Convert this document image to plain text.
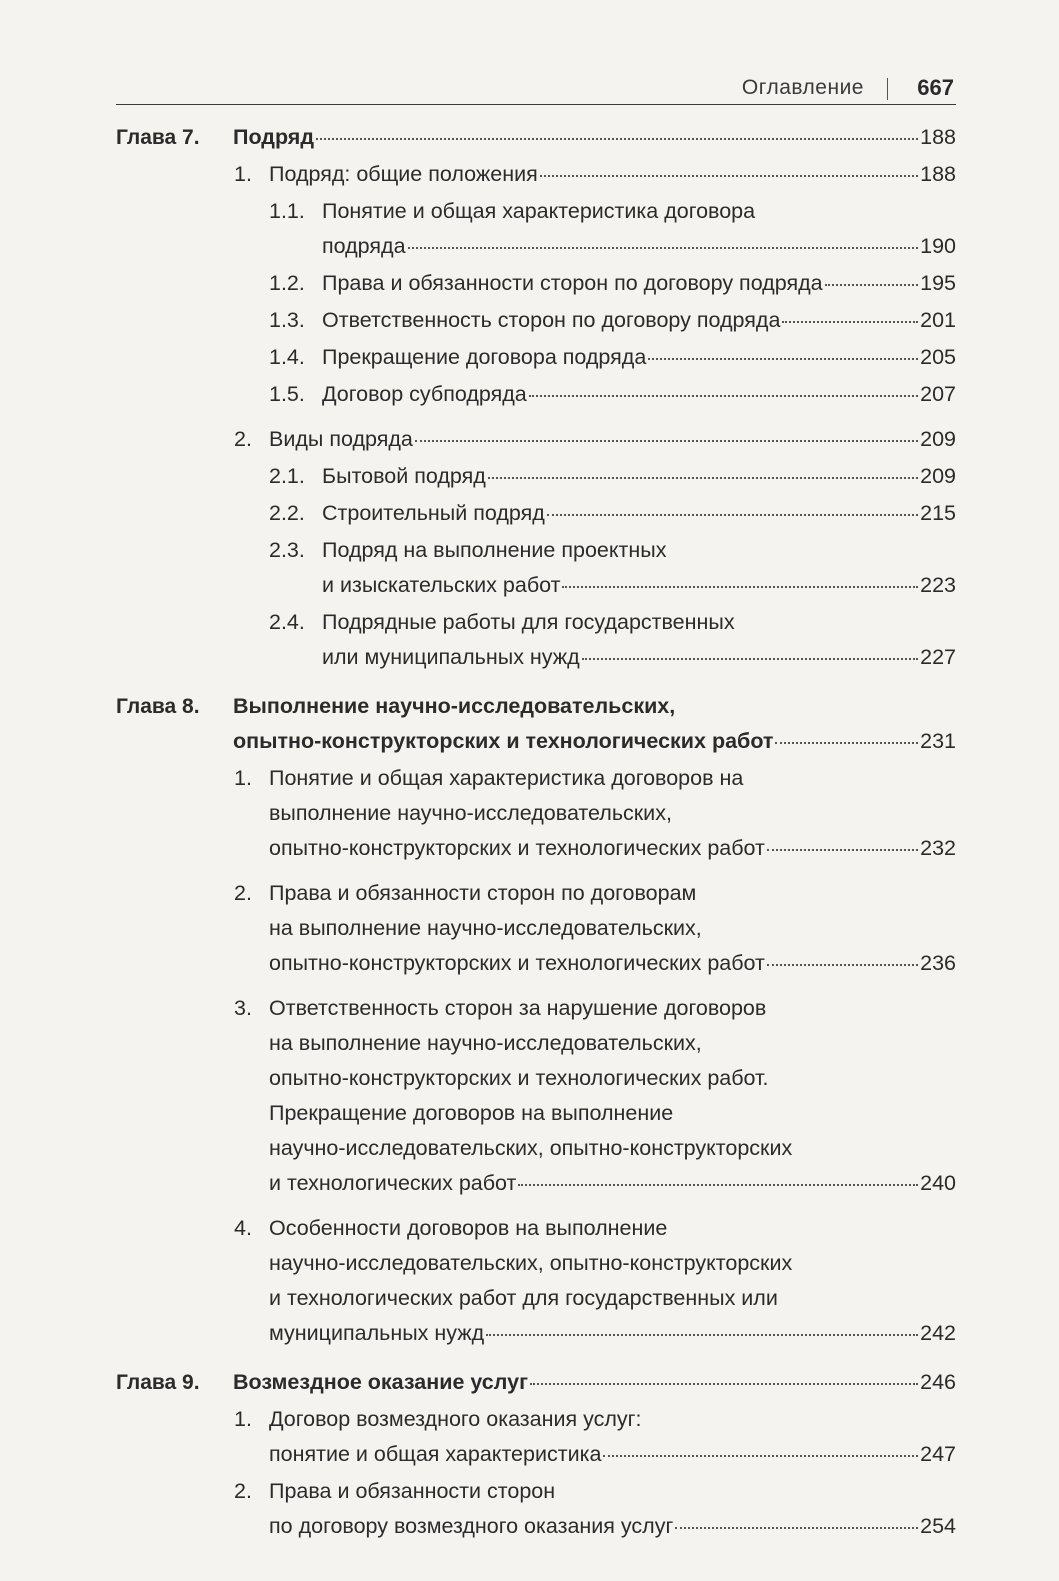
Оглавление 667
Глава 7. Подряд	188
1. Подряд: общие положения	188
1.1. Понятие и общая характеристика договора
подряда	190
1.2. Права и обязанности сторон по договору подряда	195
1.3. Ответственность сторон по договору подряда	201
1.4. Прекращение договора подряда	205
1.5. Договор субподряда	207
2. Виды подряда	209
2.1. Бытовой подряд	209
2.2. Строительный подряд	215
2.3. Подряд на выполнение проектных
и изыскательских работ	223
2.4. Подрядные работы для государственных
или муниципальных нужд	227
Глава 8. Выполнение научно-исследовательских,
опытно-конструкторских и технологических работ	231
1. Понятие и общая характеристика договоров на
выполнение научно-исследовательских,
опытно-конструкторских и технологических работ	232
2. Права и обязанности сторон по договорам
на выполнение научно-исследовательских,
опытно-конструкторских и технологических работ	236
3. Ответственность сторон за нарушение договоров
на выполнение научно-исследовательских,
опытно-конструкторских и технологических работ.
Прекращение договоров на выполнение
научно-исследовательских, опытно-конструкторских
и технологических работ	240
4. Особенности договоров на выполнение
научно-исследовательских, опытно-конструкторских
и технологических работ для государственных или
муниципальных нужд	242
Глава 9. Возмездное оказание услуг	246
1. Договор возмездного оказания услуг:
понятие и общая характеристика	247
2. Права и обязанности сторон
по договору возмездного оказания услуг	254
